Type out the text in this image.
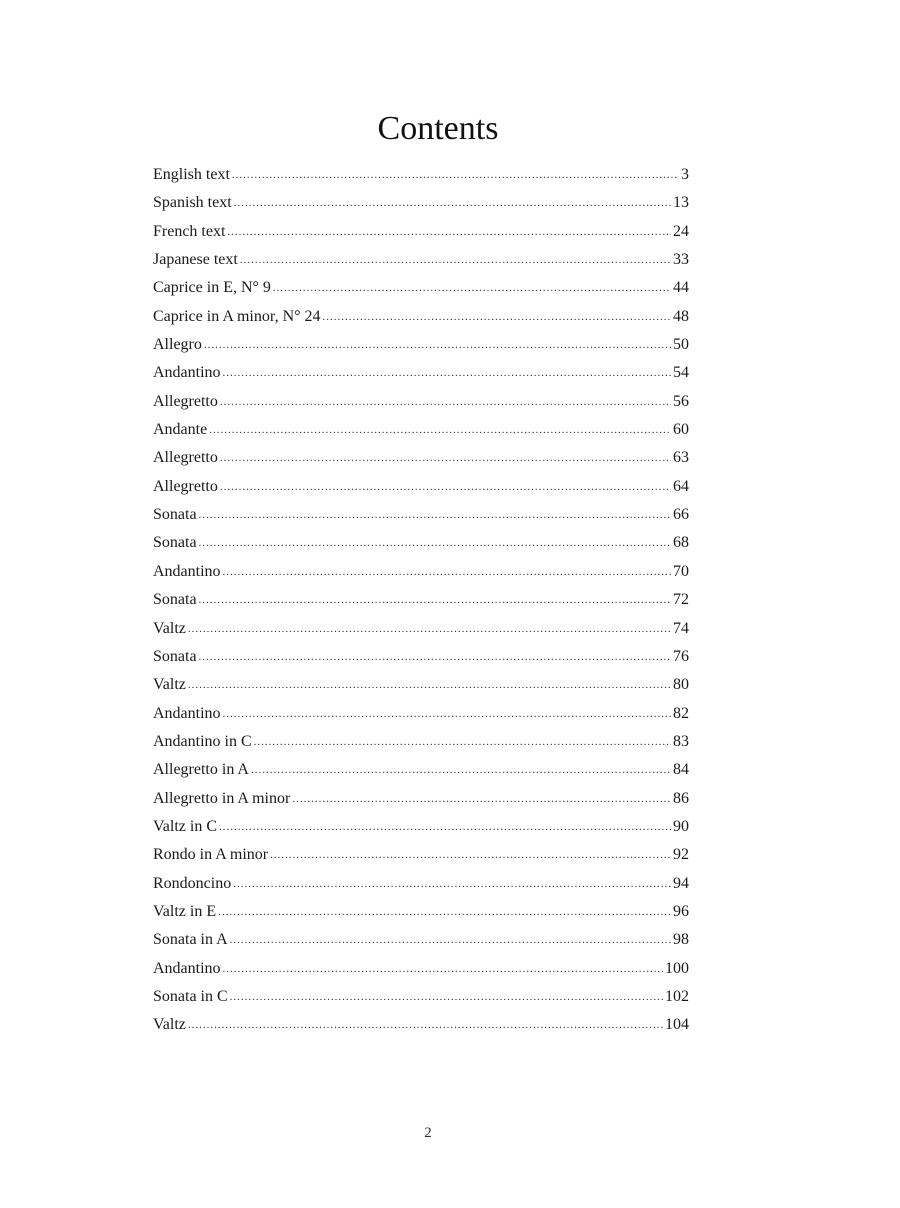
Contents
English text .....	3
Spanish text .....	13
French text .....	24
Japanese text .....	33
Caprice in E, N° 9 .....	44
Caprice in A minor, N° 24 .....	48
Allegro .....	50
Andantino .....	54
Allegretto .....	56
Andante .....	60
Allegretto .....	63
Allegretto .....	64
Sonata .....	66
Sonata .....	68
Andantino .....	70
Sonata .....	72
Valtz .....	74
Sonata .....	76
Valtz .....	80
Andantino .....	82
Andantino in C .....	83
Allegretto in A .....	84
Allegretto in A minor .....	86
Valtz in C .....	90
Rondo in A minor .....	92
Rondoncino .....	94
Valtz in E .....	96
Sonata in A .....	98
Andantino .....	100
Sonata in C .....	102
Valtz .....	104
2
